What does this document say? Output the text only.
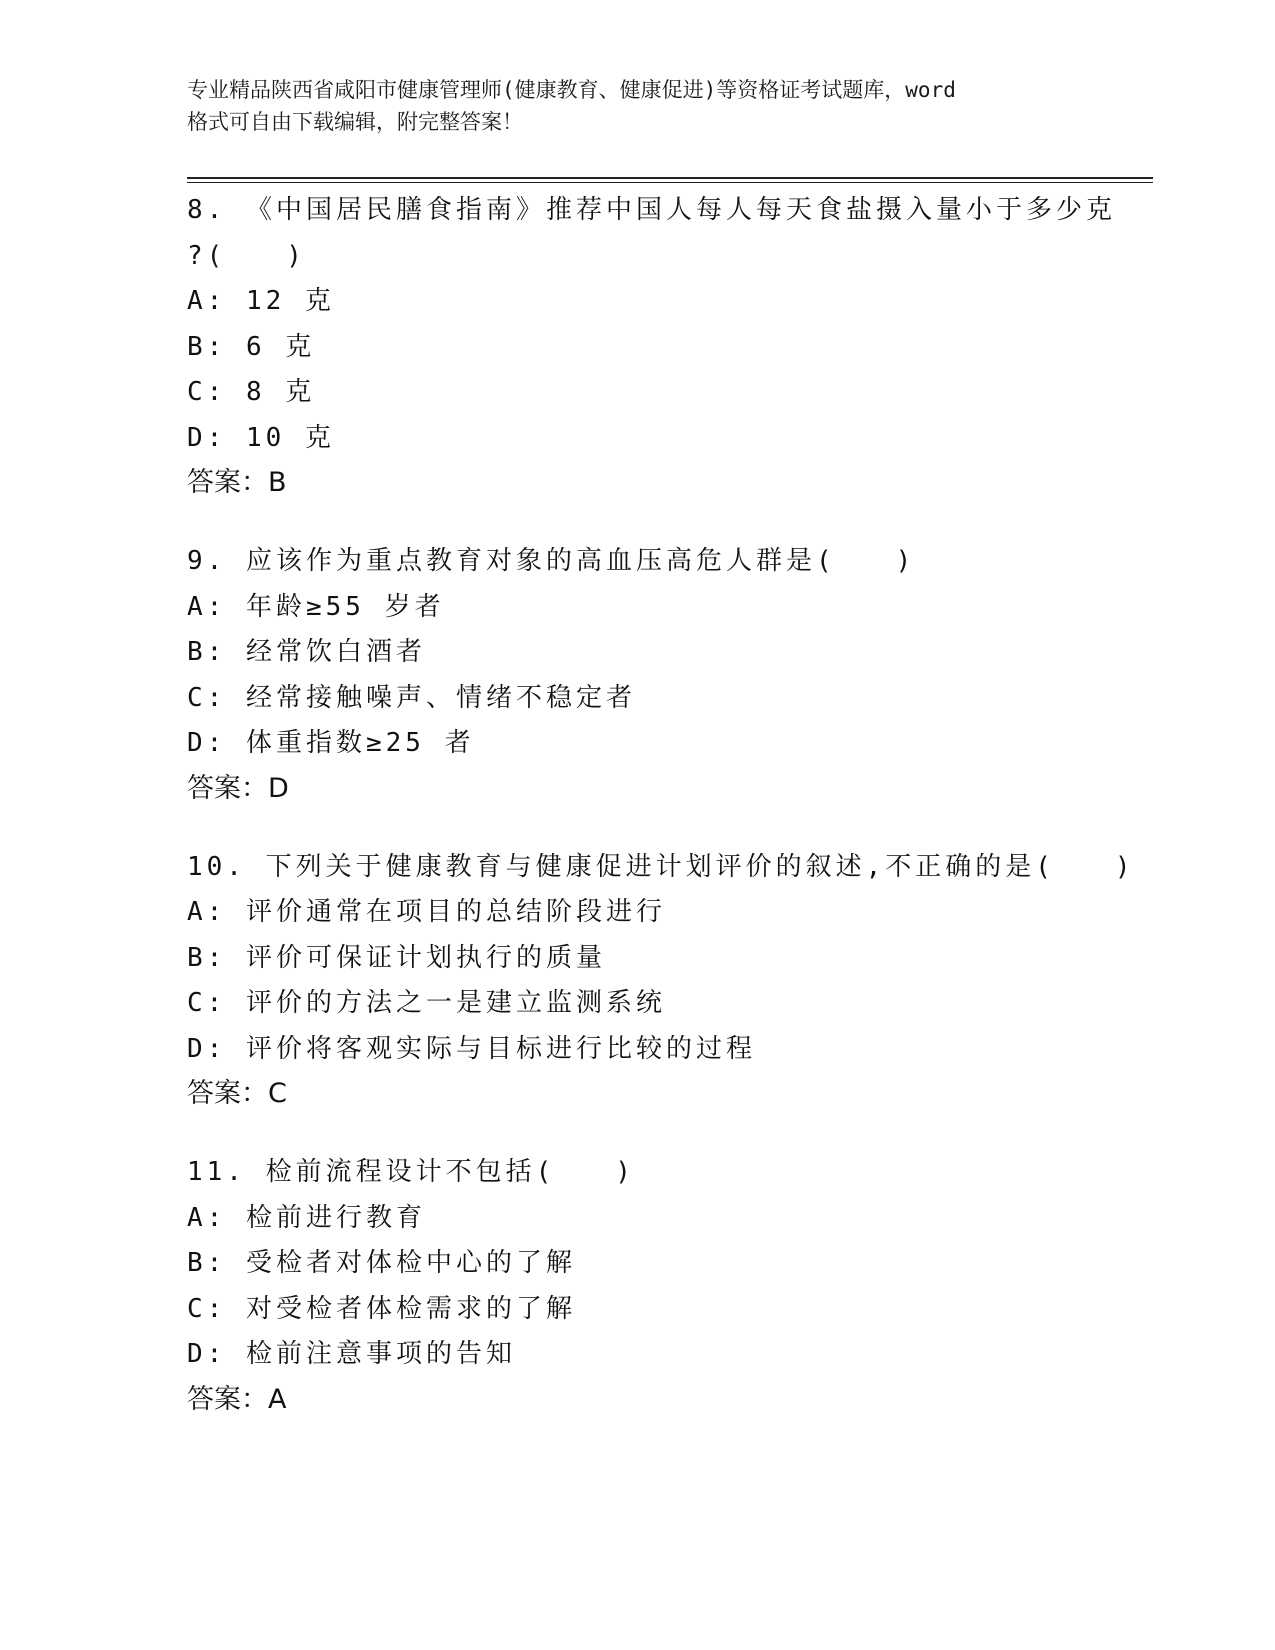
专业精品陕西省咸阳市健康管理师(健康教育、健康促进)等资格证考试题库，word
格式可自由下载编辑，附完整答案！
8. 《中国居民膳食指南》推荐中国人每人每天食盐摄入量小于多少克
?(　　)
A: 12 克
B: 6 克
C: 8 克
D: 10 克
答案：B
9. 应该作为重点教育对象的高血压高危人群是(　　)
A: 年龄≥55 岁者
B: 经常饮白酒者
C: 经常接触噪声、情绪不稳定者
D: 体重指数≥25 者
答案：D
10. 下列关于健康教育与健康促进计划评价的叙述,不正确的是(　　)
A: 评价通常在项目的总结阶段进行
B: 评价可保证计划执行的质量
C: 评价的方法之一是建立监测系统
D: 评价将客观实际与目标进行比较的过程
答案：C
11. 检前流程设计不包括(　　)
A: 检前进行教育
B: 受检者对体检中心的了解
C: 对受检者体检需求的了解
D: 检前注意事项的告知
答案：A
